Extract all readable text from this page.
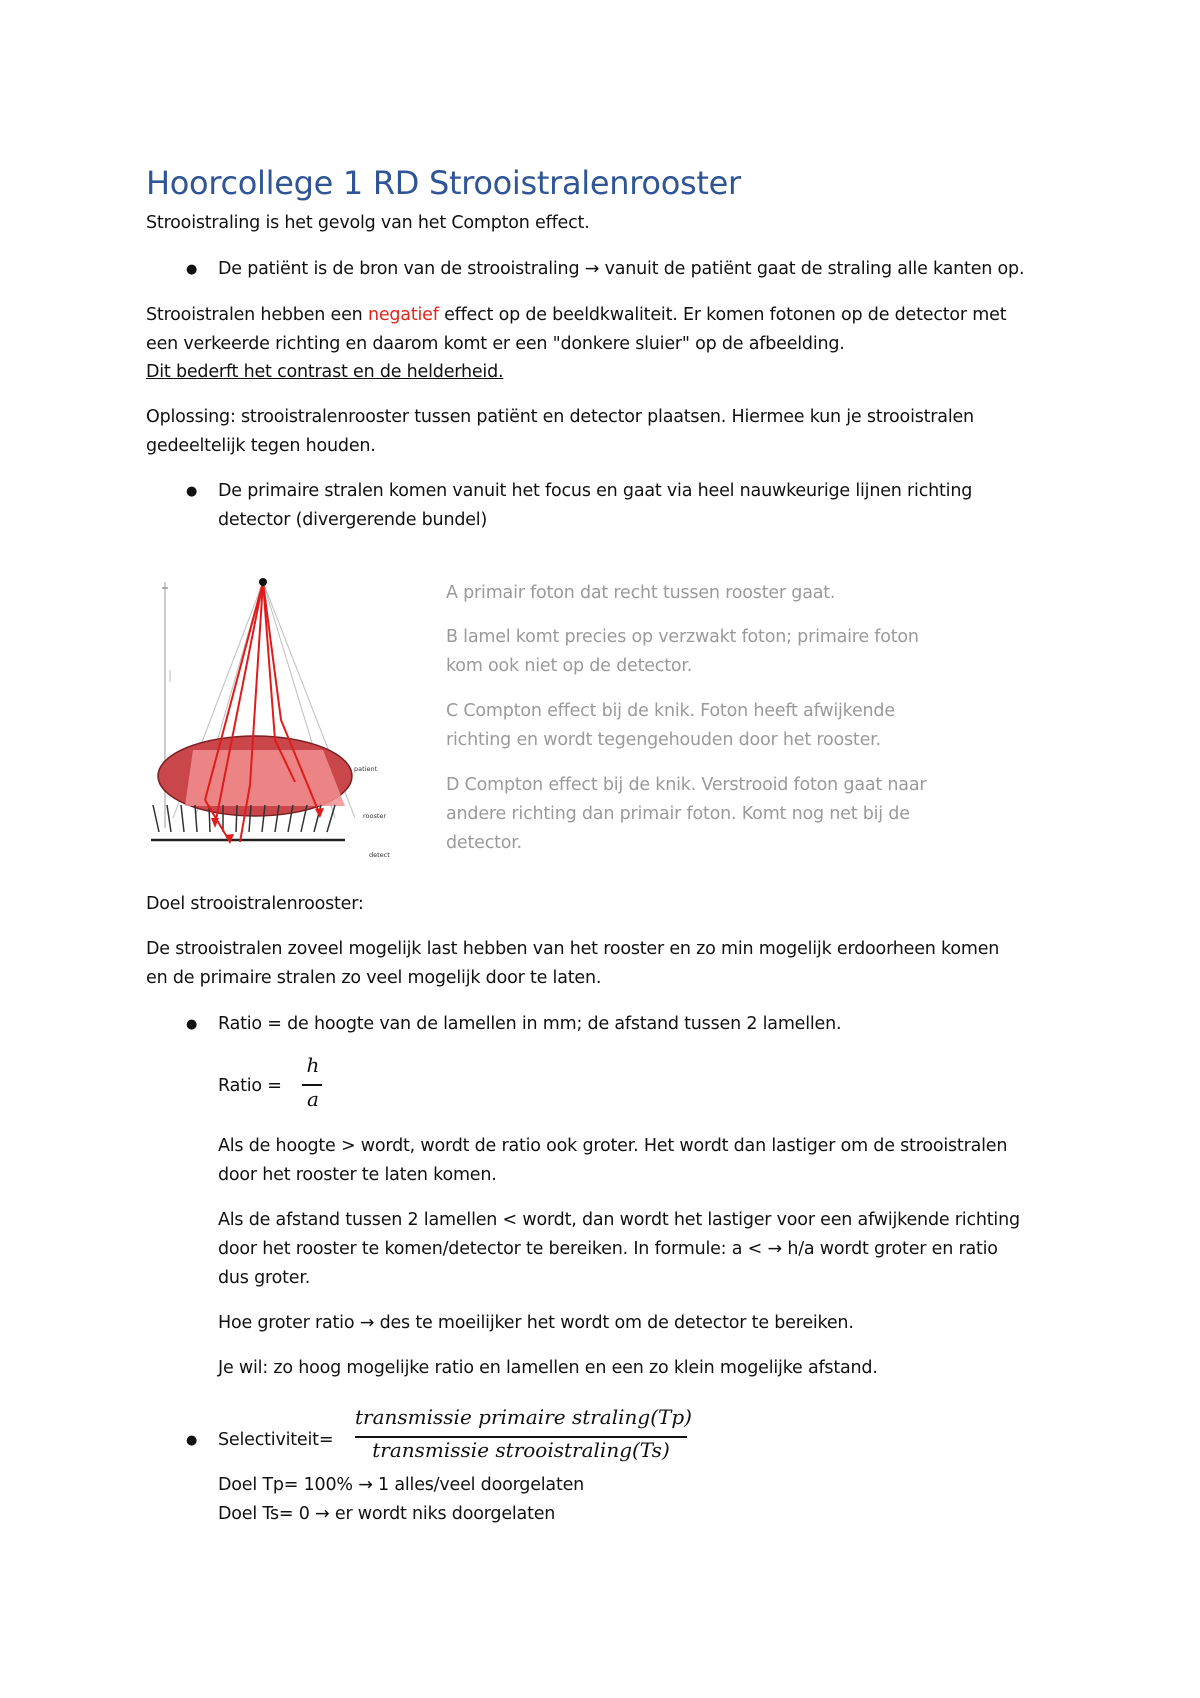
Hoorcollege 1 RD Strooistralenrooster
Strooistraling is het gevolg van het Compton effect.
● De patiënt is de bron van de strooistraling → vanuit de patiënt gaat de straling alle kanten op.
Strooistralen hebben een negatief effect op de beeldkwaliteit. Er komen fotonen op de detector met
een verkeerde richting en daarom komt er een "donkere sluier" op de afbeelding.
Dit bederft het contrast en de helderheid.
Oplossing: strooistralenrooster tussen patiënt en detector plaatsen. Hiermee kun je strooistralen
gedeeltelijk tegen houden.
● De primaire stralen komen vanuit het focus en gaat via heel nauwkeurige lijnen richting
detector (divergerende bundel)
patient
rooster
detect
A primair foton dat recht tussen rooster gaat.
B lamel komt precies op verzwakt foton; primaire foton
kom ook niet op de detector.
C Compton effect bij de knik. Foton heeft afwijkende
richting en wordt tegengehouden door het rooster.
D Compton effect bij de knik. Verstrooid foton gaat naar
andere richting dan primair foton. Komt nog net bij de
detector.
Doel strooistralenrooster:
De strooistralen zoveel mogelijk last hebben van het rooster en zo min mogelijk erdoorheen komen
en de primaire stralen zo veel mogelijk door te laten.
● Ratio = de hoogte van de lamellen in mm; de afstand tussen 2 lamellen.
Ratio =
h
a
Als de hoogte > wordt, wordt de ratio ook groter. Het wordt dan lastiger om de strooistralen
door het rooster te laten komen.
Als de afstand tussen 2 lamellen < wordt, dan wordt het lastiger voor een afwijkende richting
door het rooster te komen/detector te bereiken. In formule: a < → h/a wordt groter en ratio
dus groter.
Hoe groter ratio → des te moeilijker het wordt om de detector te bereiken.
Je wil: zo hoog mogelijke ratio en lamellen en een zo klein mogelijke afstand.
● Selectiviteit=
transmissie primaire straling(Tp)
transmissie strooistraling(Ts)
Doel Tp= 100% → 1 alles/veel doorgelaten
Doel Ts= 0 → er wordt niks doorgelaten
